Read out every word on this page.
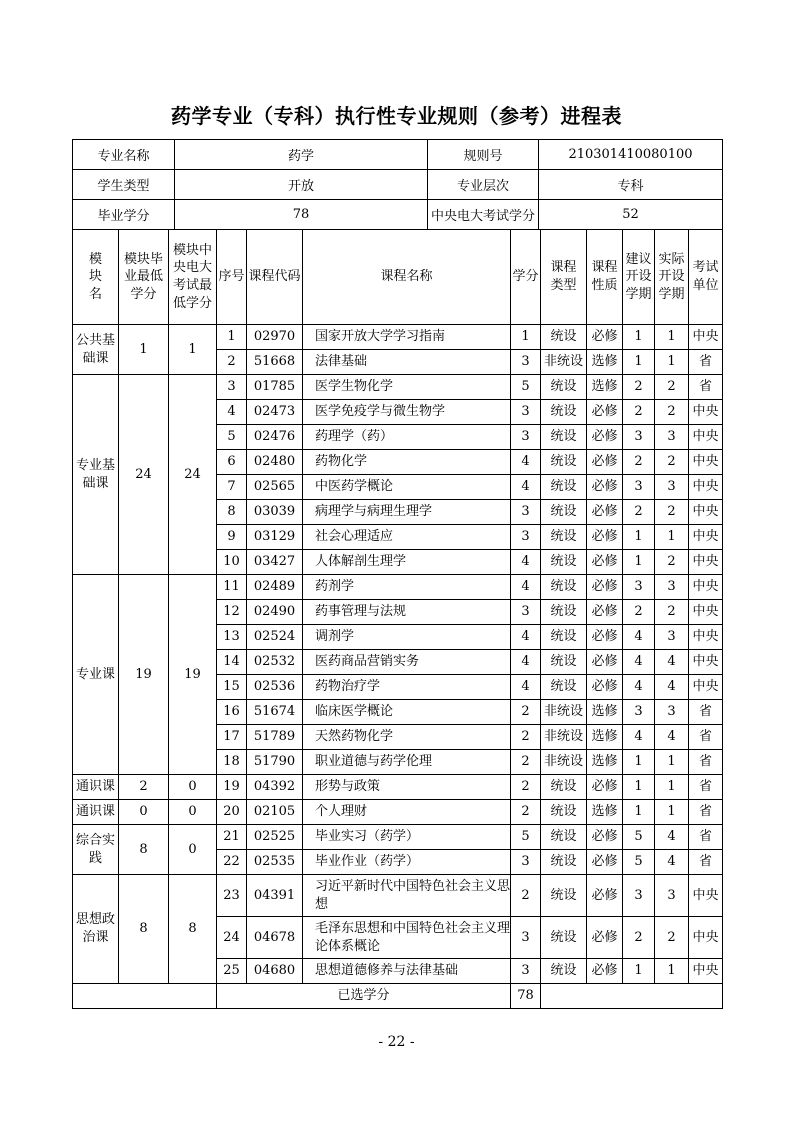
药学专业（专科）执行性专业规则（参考）进程表
专业名称	药学	规则号	210301410080100
学生类型	开放	专业层次	专科
毕业学分	78	中央电大考试学分	52
模块名	模块毕业最低学分	模块中央电大考试最低学分	序号	课程代码	课程名称	学分	课程类型	课程性质	建议开设学期	实际开设学期	考试单位
公共基础课	1	1	1	02970	国家开放大学学习指南	1	统设	必修	1	1	中央
			2	51668	法律基础	3	非统设	选修	1	1	省
专业基础课	24	24	3	01785	医学生物化学	5	统设	选修	2	2	省
			4	02473	医学免疫学与微生物学	3	统设	必修	2	2	中央
			5	02476	药理学（药）	3	统设	必修	3	3	中央
			6	02480	药物化学	4	统设	必修	2	2	中央
			7	02565	中医药学概论	4	统设	必修	3	3	中央
			8	03039	病理学与病理生理学	3	统设	必修	2	2	中央
			9	03129	社会心理适应	3	统设	必修	1	1	中央
			10	03427	人体解剖生理学	4	统设	必修	1	2	中央
专业课	19	19	11	02489	药剂学	4	统设	必修	3	3	中央
			12	02490	药事管理与法规	3	统设	必修	2	2	中央
			13	02524	调剂学	4	统设	必修	4	3	中央
			14	02532	医药商品营销实务	4	统设	必修	4	4	中央
			15	02536	药物治疗学	4	统设	必修	4	4	中央
			16	51674	临床医学概论	2	非统设	选修	3	3	省
			17	51789	天然药物化学	2	非统设	选修	4	4	省
			18	51790	职业道德与药学伦理	2	非统设	选修	1	1	省
通识课	2	0	19	04392	形势与政策	2	统设	必修	1	1	省
通识课	0	0	20	02105	个人理财	2	统设	选修	1	1	省
综合实践	8	0	21	02525	毕业实习（药学）	5	统设	必修	5	4	省
			22	02535	毕业作业（药学）	3	统设	必修	5	4	省
思想政治课	8	8	23	04391	习近平新时代中国特色社会主义思想	2	统设	必修	3	3	中央
			24	04678	毛泽东思想和中国特色社会主义理论体系概论	3	统设	必修	2	2	中央
			25	04680	思想道德修养与法律基础	3	统设	必修	1	1	中央
			已选学分			78					
- 22 -
